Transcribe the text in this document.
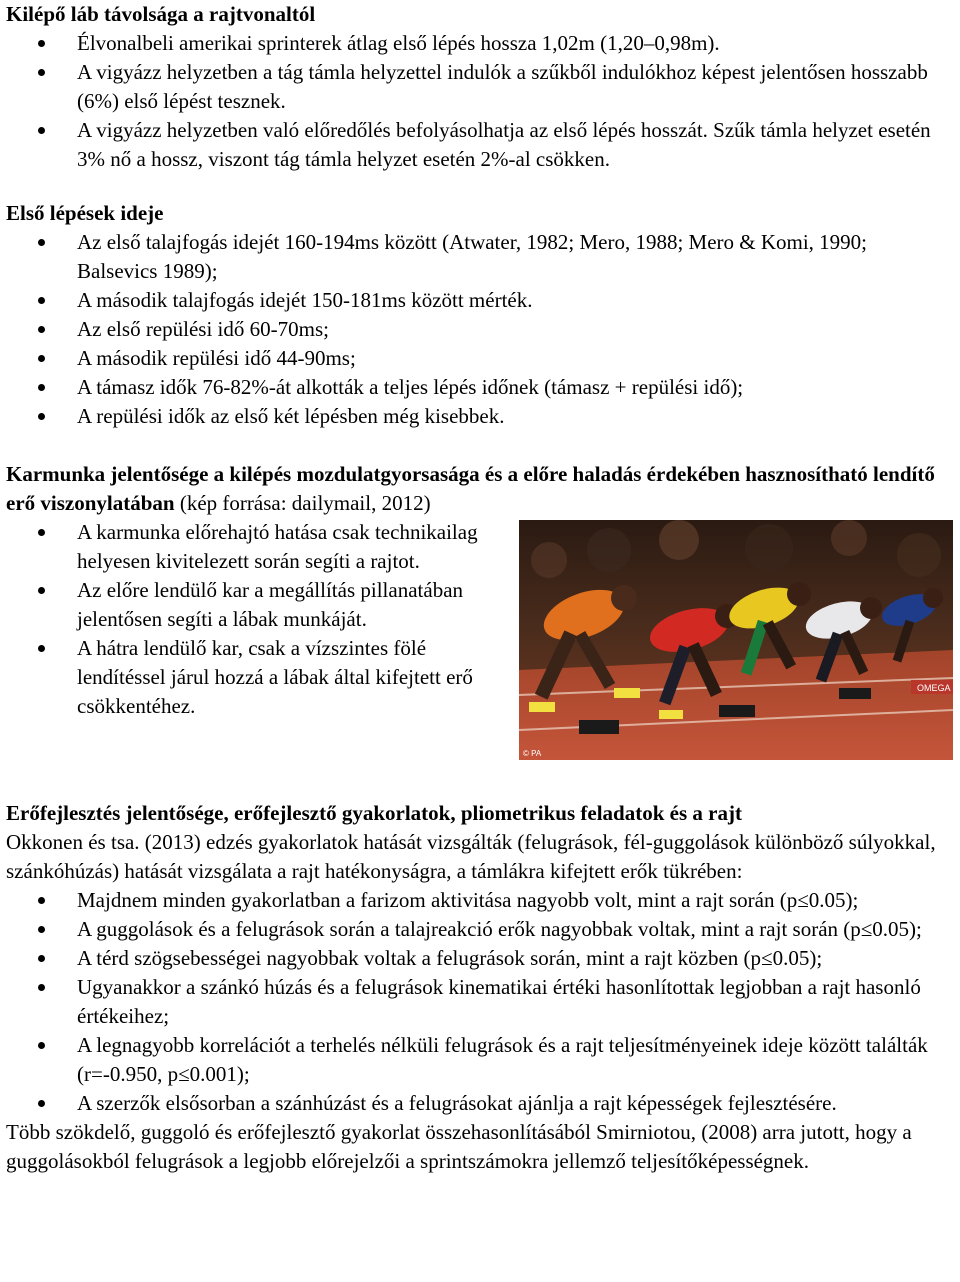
Kilépő láb távolsága a rajtvonaltól
Élvonalbeli amerikai sprinterek átlag első lépés hossza 1,02m (1,20–0,98m).
A vigyázz helyzetben a tág támla helyzettel indulók a szűkből indulókhoz képest jelentősen hosszabb (6%) első lépést tesznek.
A vigyázz helyzetben való előredőlés befolyásolhatja az első lépés hosszát. Szűk támla helyzet esetén 3% nő a hossz, viszont tág támla helyzet esetén 2%-al csökken.
Első lépések ideje
Az első talajfogás idejét 160-194ms között (Atwater, 1982; Mero, 1988; Mero & Komi, 1990; Balsevics 1989);
A második talajfogás idejét 150-181ms között mérték.
Az első repülési idő 60-70ms;
A második repülési idő 44-90ms;
A támasz idők 76-82%-át alkották a teljes lépés időnek (támasz + repülési idő);
A repülési idők az első két lépésben még kisebbek.
Karmunka jelentősége a kilépés mozdulatgyorsasága és a előre haladás érdekében hasznosítható lendítő erő viszonylatában (kép forrása: dailymail, 2012)
A karmunka előrehajtó hatása csak technikailag helyesen kivitelezett során segíti a rajtot.
Az előre lendülő kar a megállítás pillanatában jelentősen segíti a lábak munkáját.
A hátra lendülő kar, csak a vízszintes fölé lendítéssel járul hozzá a lábak által kifejtett erő csökkentéhez.
OMEGA
© PA
Erőfejlesztés jelentősége, erőfejlesztő gyakorlatok, pliometrikus feladatok és a rajt

Okkonen és tsa. (2013) edzés gyakorlatok hatását vizsgálták (felugrások, fél-guggolások különböző súlyokkal, szánkóhúzás) hatását vizsgálata a rajt hatékonyságra, a támlákra kifejtett erők tükrében:

Majdnem minden gyakorlatban a farizom aktivitása nagyobb volt, mint a rajt során (p≤0.05);
A guggolások és a felugrások során a talajreakció erők nagyobbak voltak, mint a rajt során (p≤0.05);
A térd szögsebességei nagyobbak voltak a felugrások során, mint a rajt közben (p≤0.05);
Ugyanakkor a szánkó húzás és a felugrások kinematikai értéki hasonlítottak legjobban a rajt hasonló értékeihez;
A legnagyobb korrelációt a terhelés nélküli felugrások és a rajt teljesítményeinek ideje között találták (r=-0.950, p≤0.001);
A szerzők elsősorban a szánhúzást és a felugrásokat ajánlja a rajt képességek fejlesztésére.

Több szökdelő, guggoló és erőfejlesztő gyakorlat összehasonlításából Smirniotou, (2008) arra jutott, hogy a guggolásokból felugrások a legjobb előrejelzői a sprintszámokra jellemző teljesítőképességnek.
